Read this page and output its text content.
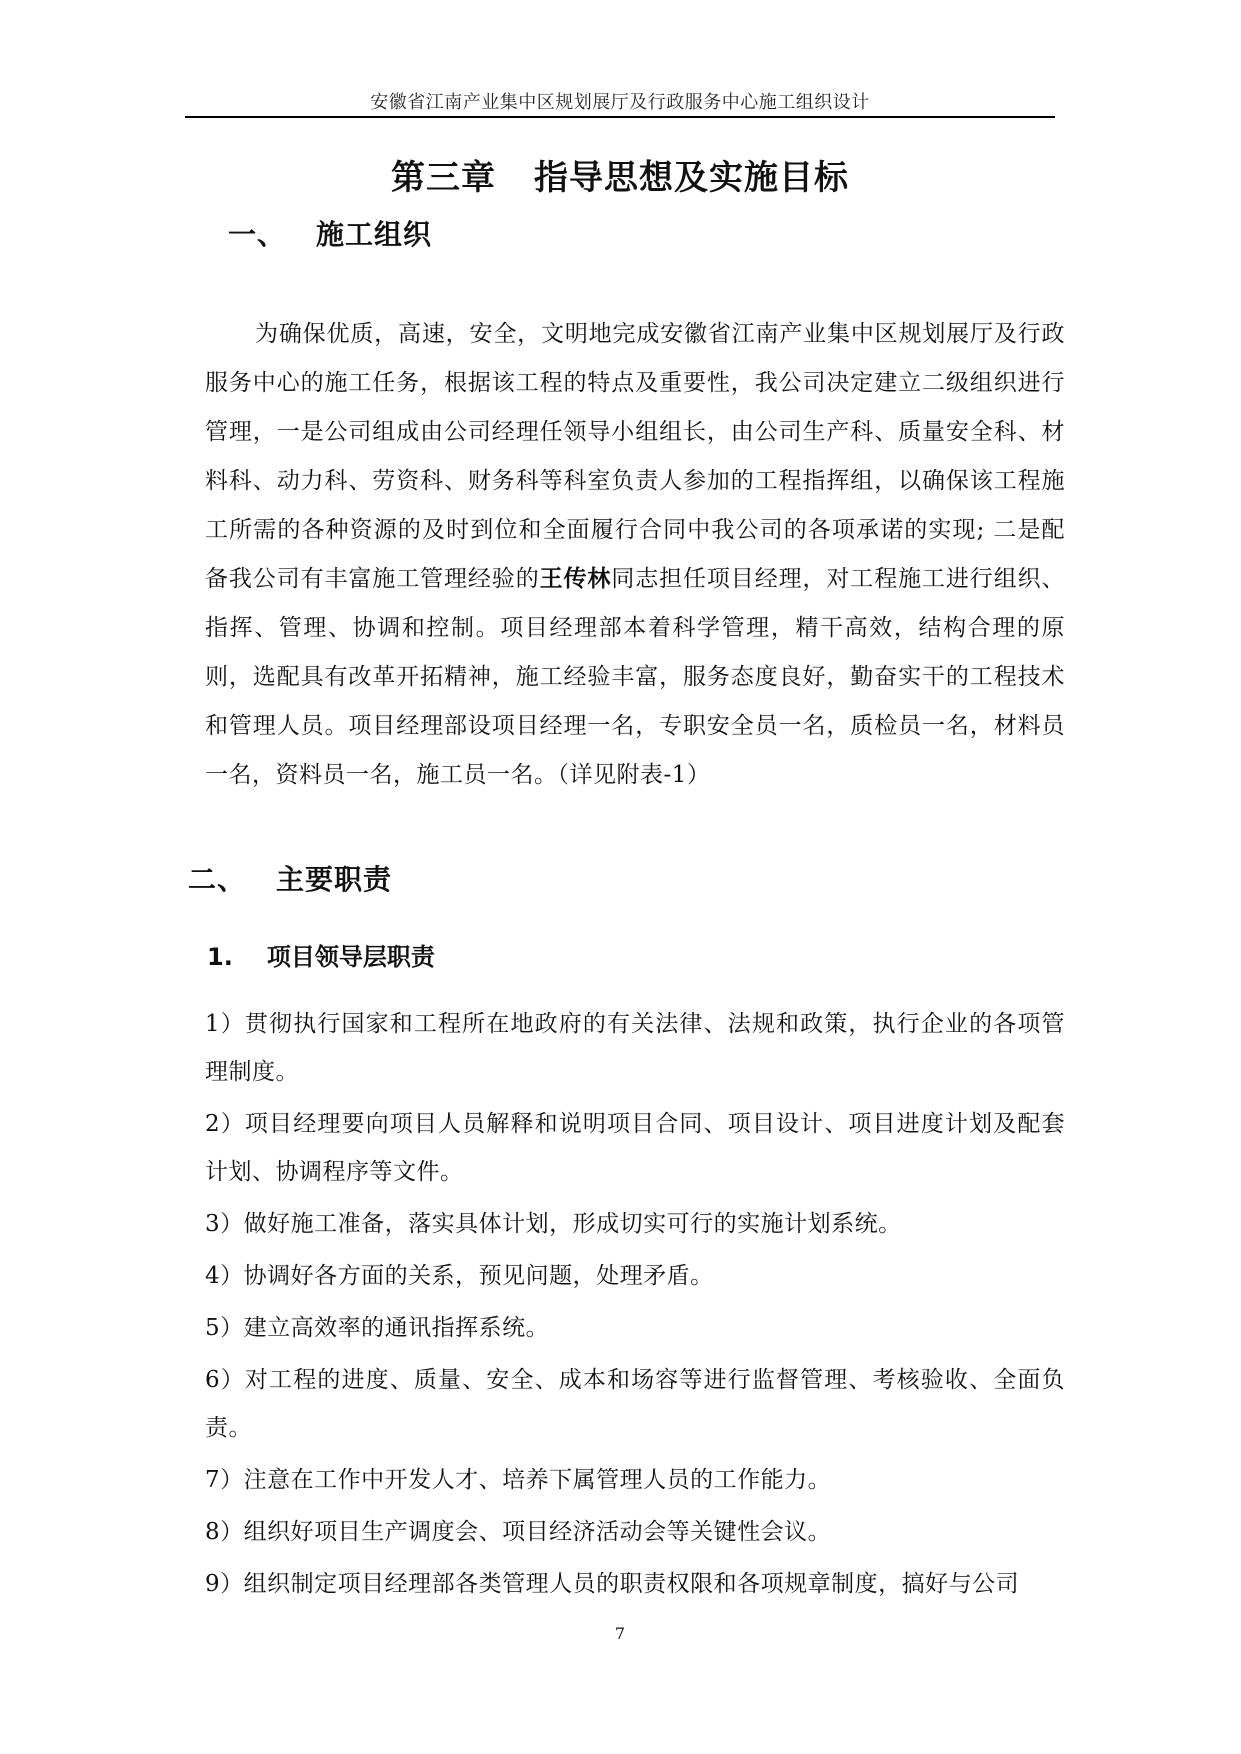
安徽省江南产业集中区规划展厅及行政服务中心施工组织设计
第三章 指导思想及实施目标
一、 施工组织
为确保优质，高速，安全，文明地完成安徽省江南产业集中区规划展厅及行政服务中心的施工任务，根据该工程的特点及重要性，我公司决定建立二级组织进行管理，一是公司组成由公司经理任领导小组组长，由公司生产科、质量安全科、材料科、动力科、劳资科、财务科等科室负责人参加的工程指挥组，以确保该工程施工所需的各种资源的及时到位和全面履行合同中我公司的各项承诺的实现; 二是配备我公司有丰富施工管理经验的王传林同志担任项目经理，对工程施工进行组织、指挥、管理、协调和控制。项目经理部本着科学管理，精干高效，结构合理的原则，选配具有改革开拓精神，施工经验丰富，服务态度良好，勤奋实干的工程技术和管理人员。项目经理部设项目经理一名，专职安全员一名，质检员一名，材料员一名，资料员一名，施工员一名。（详见附表-1）
二、 主要职责
1. 项目领导层职责
1）贯彻执行国家和工程所在地政府的有关法律、法规和政策，执行企业的各项管理制度。
2）项目经理要向项目人员解释和说明项目合同、项目设计、项目进度计划及配套计划、协调程序等文件。
3）做好施工准备，落实具体计划，形成切实可行的实施计划系统。
4）协调好各方面的关系，预见问题，处理矛盾。
5）建立高效率的通讯指挥系统。
6）对工程的进度、质量、安全、成本和场容等进行监督管理、考核验收、全面负责。
7）注意在工作中开发人才、培养下属管理人员的工作能力。
8）组织好项目生产调度会、项目经济活动会等关键性会议。
9）组织制定项目经理部各类管理人员的职责权限和各项规章制度，搞好与公司
7
